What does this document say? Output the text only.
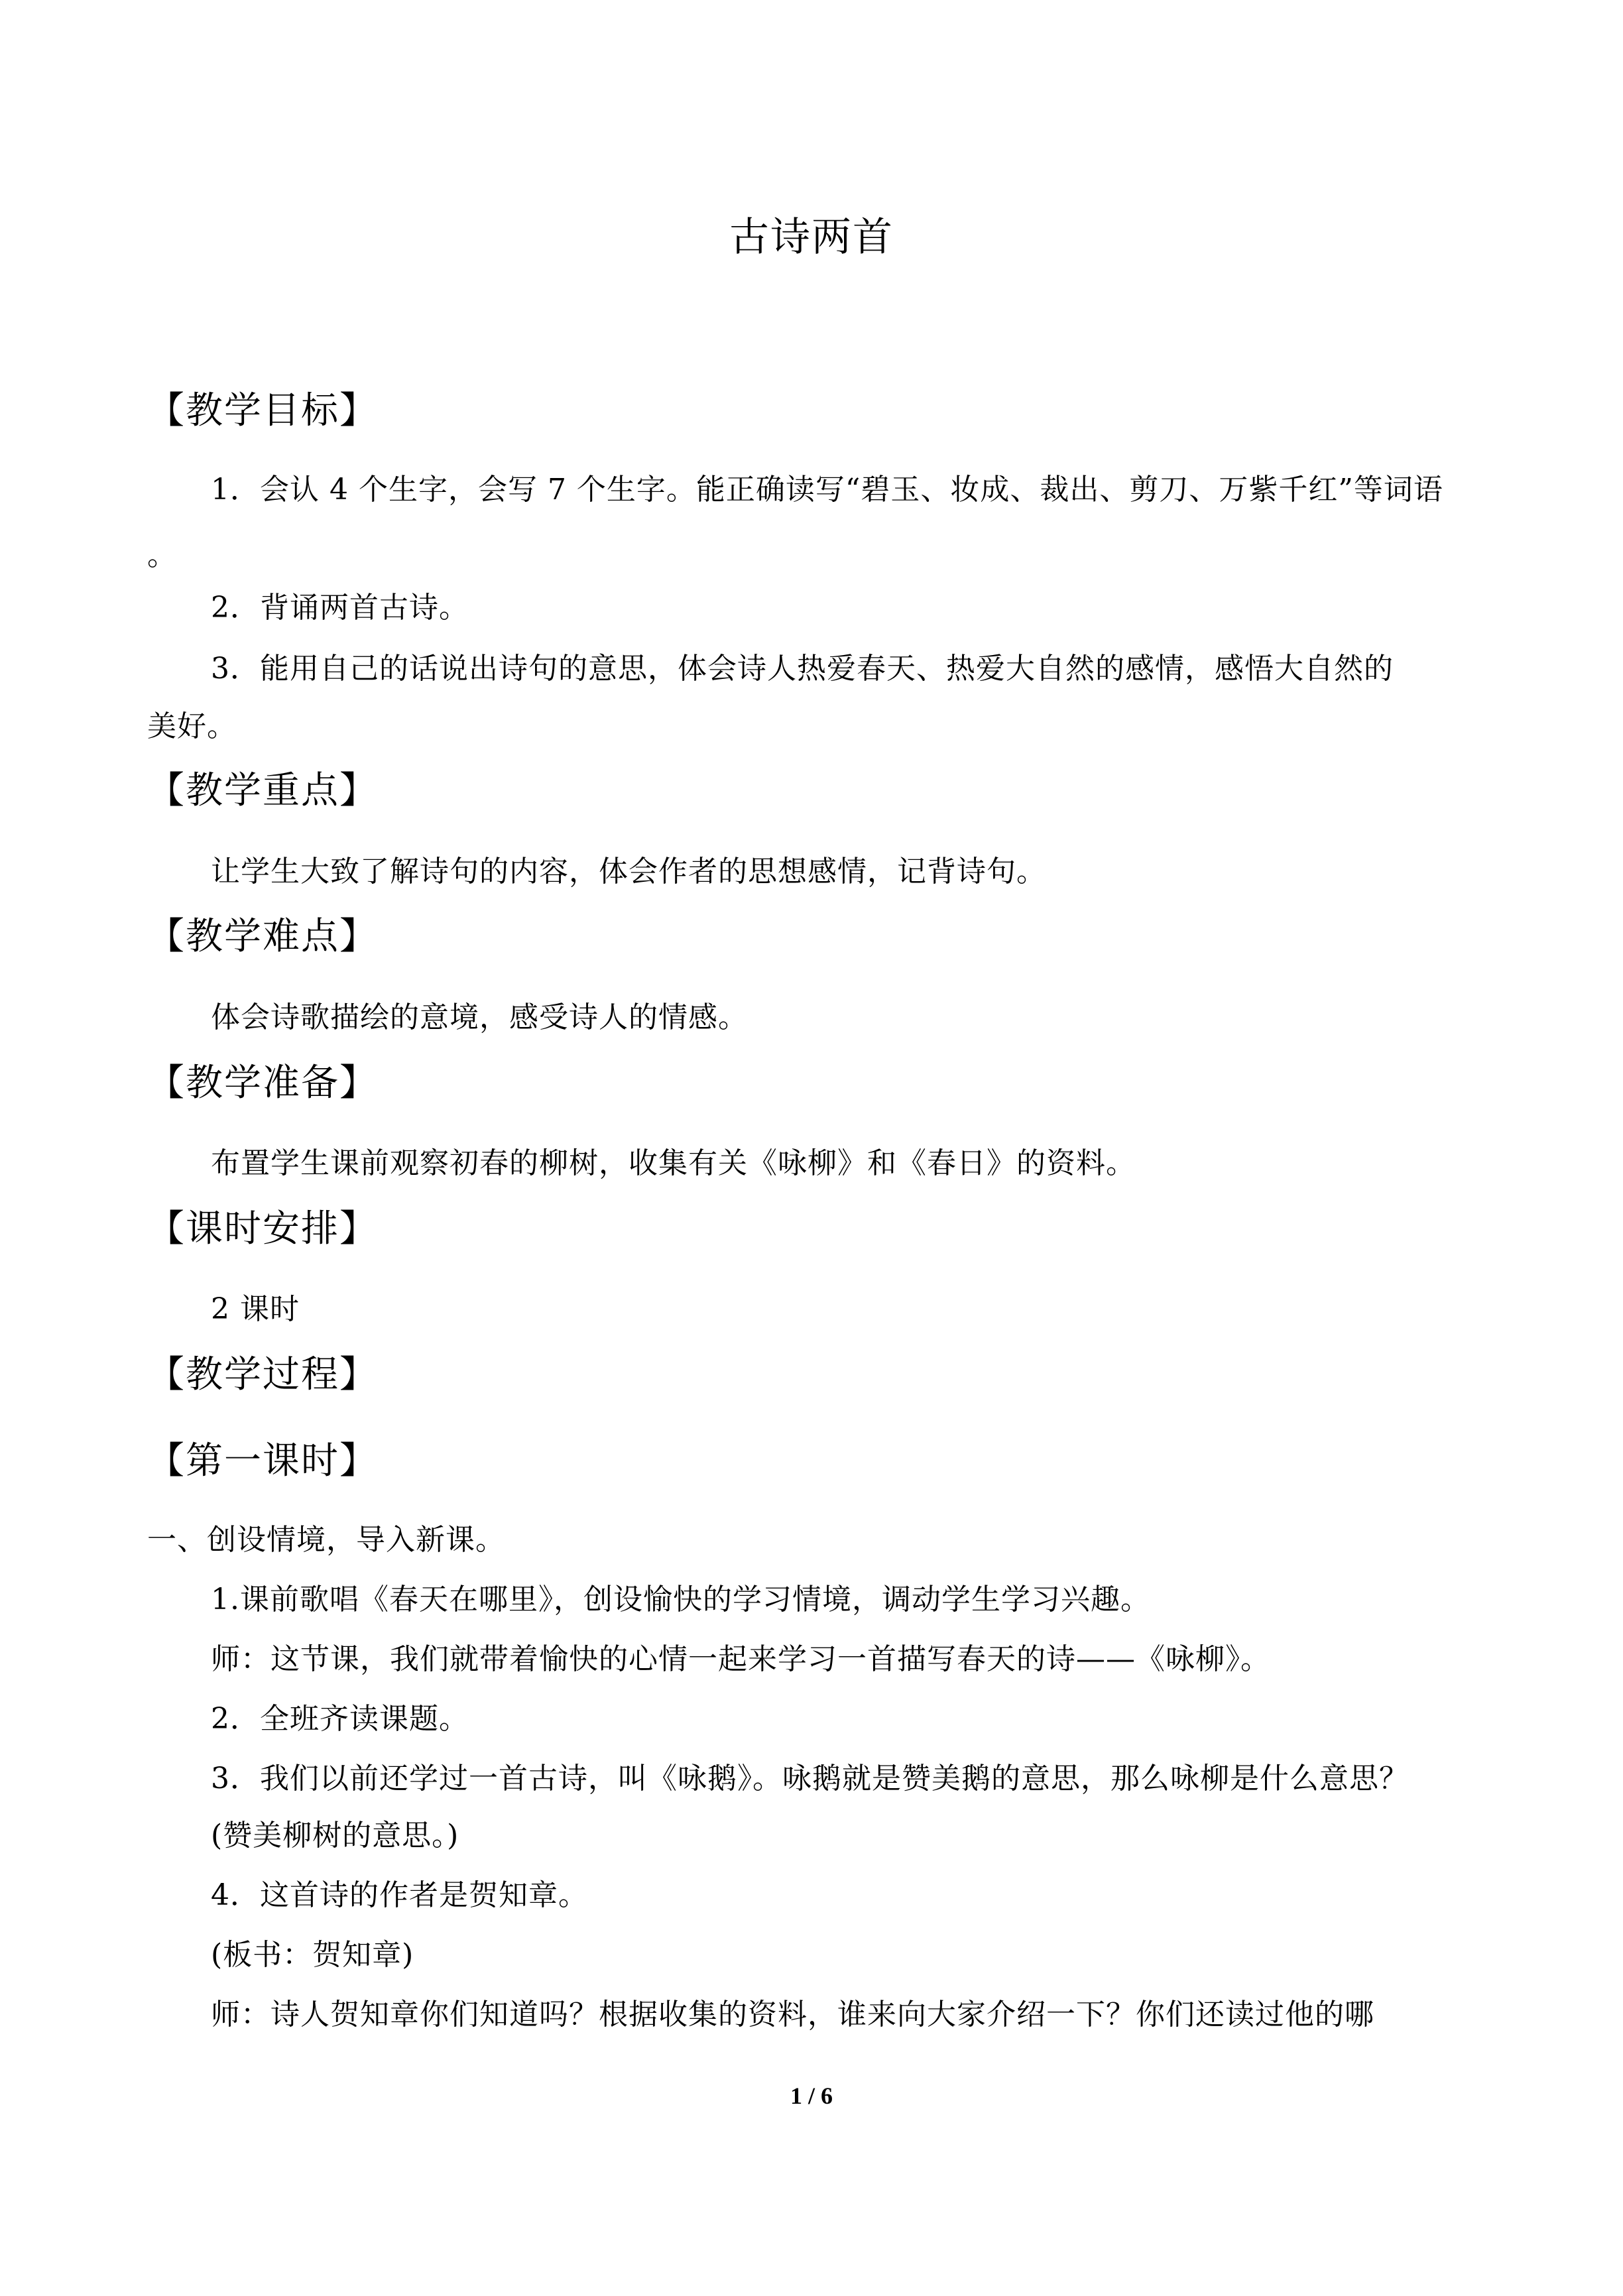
古诗两首
【教学目标】
1．会认 4 个生字，会写 7 个生字。能正确读写“碧玉、妆成、裁出、剪刀、万紫千红”等词语
。
2．背诵两首古诗。
3．能用自己的话说出诗句的意思，体会诗人热爱春天、热爱大自然的感情，感悟大自然的
美好。
【教学重点】
让学生大致了解诗句的内容，体会作者的思想感情，记背诗句。
【教学难点】
体会诗歌描绘的意境，感受诗人的情感。
【教学准备】
布置学生课前观察初春的柳树，收集有关《咏柳》和《春日》的资料。
【课时安排】
2 课时
【教学过程】
【第一课时】
一、创设情境，导入新课。
1.课前歌唱《春天在哪里》，创设愉快的学习情境，调动学生学习兴趣。
师：这节课，我们就带着愉快的心情一起来学习一首描写春天的诗——《咏柳》。
2．全班齐读课题。
3．我们以前还学过一首古诗，叫《咏鹅》。咏鹅就是赞美鹅的意思，那么咏柳是什么意思？
(赞美柳树的意思。)
4．这首诗的作者是贺知章。
(板书：贺知章)
师：诗人贺知章你们知道吗？根据收集的资料，谁来向大家介绍一下？你们还读过他的哪
1 / 6
